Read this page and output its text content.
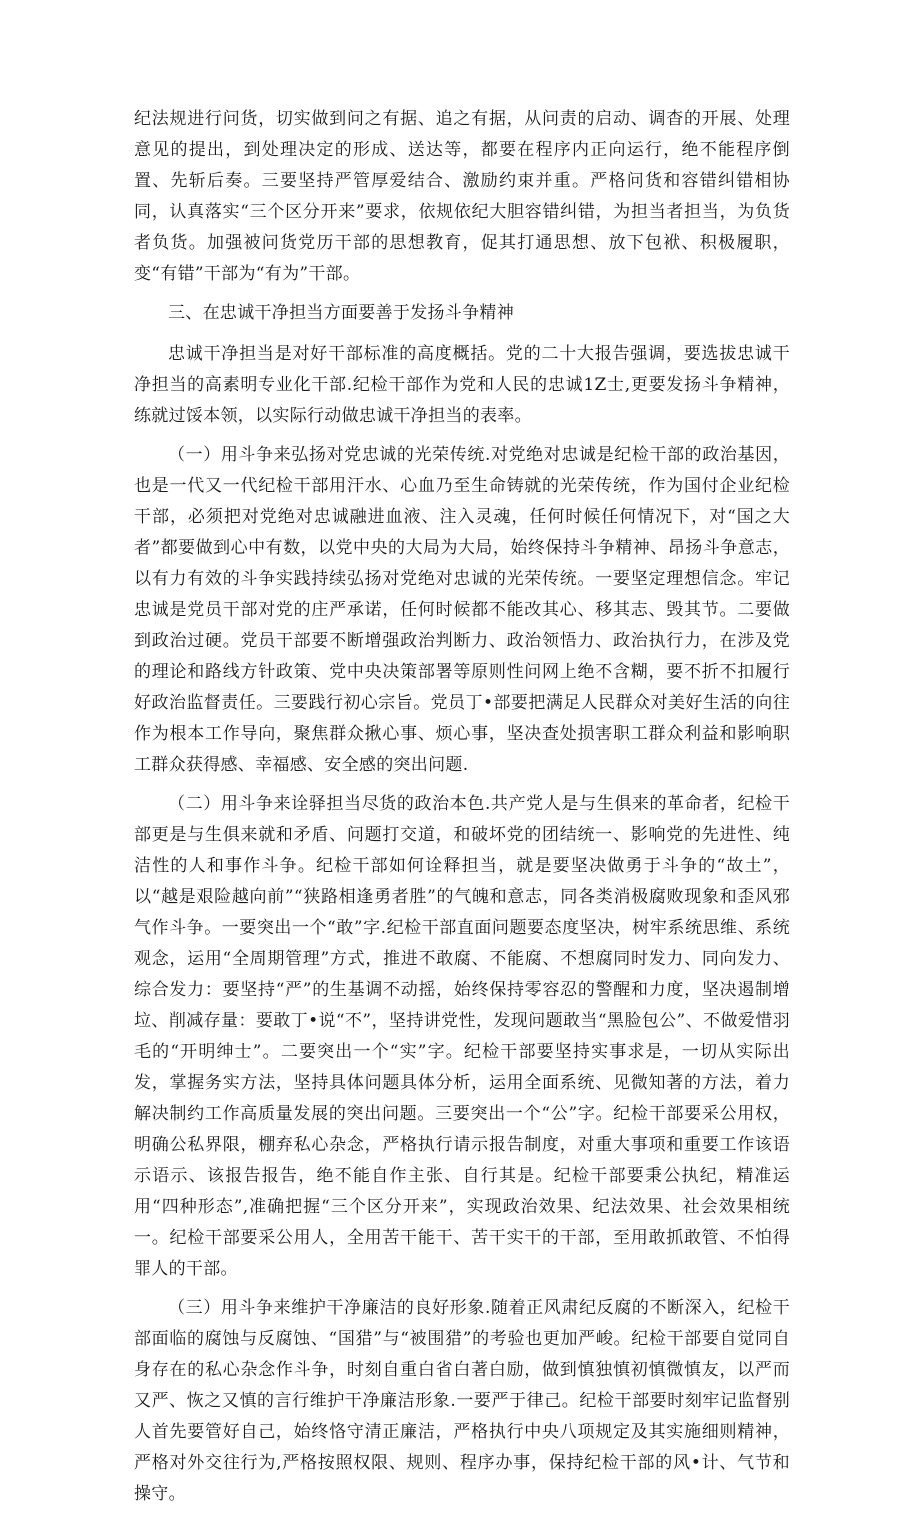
纪法规进行问货，切实做到问之有据、追之有据，从问责的启动、调杳的开展、处理意见的提出，到处理决定的形成、送达等，都要在程序内正向运行，绝不能程序倒置、先斩后奏。三要坚持严管厚爱结合、激励约束并重。严格问货和容错纠错相协同，认真落实“三个区分开来”要求，依规依纪大胆容错纠错，为担当者担当，为负货者负货。加强被问货党历干部的思想教育，促其打通思想、放下包袱、积极履职，变“有错”干部为“有为”干部。

三、在忠诚干净担当方面要善于发扬斗争精神

忠诚干净担当是对好干部标准的高度概括。党的二十大报告强调，要选拔忠诚干净担当的高素明专业化干部.纪检干部作为党和人民的忠诚1Z士,更要发扬斗争精神，练就过馁本领，以实际行动做忠诚干净担当的表率。

（一）用斗争来弘扬对党忠诚的光荣传统.对党绝对忠诚是纪检干部的政治基因，也是一代又一代纪检干部用汗水、心血乃至生命铸就的光荣传统，作为国付企业纪检干部，必须把对党绝对忠诚融进血液、注入灵魂，任何时候任何情况下，对“国之大者”都要做到心中有数，以党中央的大局为大局，始终保持斗争精神、昂扬斗争意志，以有力有效的斗争实践持续弘扬对党绝对忠诚的光荣传统。一要坚定理想信念。牢记忠诚是党员干部对党的庄严承诺，任何时候都不能改其心、移其志、毁其节。二要做到政治过硬。党员干部要不断增强政治判断力、政治领悟力、政治执行力，在涉及党的理论和路线方针政策、党中央决策部署等原则性问网上绝不含糊，要不折不扣履行好政治监督责任。三要践行初心宗旨。党员丁•部要把满足人民群众对美好生活的向往作为根本工作导向，聚焦群众揪心事、烦心事，坚决查处损害职工群众利益和影响职工群众获得感、幸福感、安全感的突出问题.

（二）用斗争来诠驿担当尽货的政治本色.共产党人是与生俱来的革命者，纪检干部更是与生俱来就和矛盾、问题打交道，和破坏党的团结统一、影响党的先进性、纯洁性的人和事作斗争。纪检干部如何诠释担当，就是要坚决做勇于斗争的“故土”，以“越是艰险越向前”“狭路相逢勇者胜”的气魄和意志，同各类消极腐败现象和歪风邪气作斗争。一要突出一个“敢”字.纪检干部直面问题要态度坚决，树牢系统思维、系统观念，运用“全周期管理”方式，推进不敢腐、不能腐、不想腐同时发力、同向发力、综合发力：要坚持“严”的生基调不动摇，始终保持零容忍的警醒和力度，坚决遏制增垃、削减存量：要敢丁•说“不”，坚持讲党性，发现问题敢当“黑脸包公”、不做爱惜羽毛的“开明绅士”。二要突出一个“实”字。纪检干部要坚持实事求是，一切从实际出发，掌握务实方法，坚持具体问题具体分析，运用全面系统、见微知著的方法，着力解决制约工作高质量发展的突出问题。三要突出一个“公”字。纪检干部要采公用权，明确公私界限，棚弃私心杂念，严格执行请示报告制度，对重大事项和重要工作该语示语示、该报告报告，绝不能自作主张、自行其是。纪检干部要秉公执纪，精准运用“四种形态”,准确把握“三个区分开来”，实现政治效果、纪法效果、社会效果相统一。纪检干部要采公用人，全用苦干能干、苦干实干的干部，至用敢抓敢管、不怕得罪人的干部。

（三）用斗争来维护干净廉洁的良好形象.随着正风肃纪反腐的不断深入，纪检干部面临的腐蚀与反腐蚀、“国猎”与“被围猎”的考验也更加严峻。纪检干部要自觉同自身存在的私心杂念作斗争，时刻自重白省白著白励，做到慎独慎初慎微慎友，以严而又严、恢之又慎的言行维护干净廉洁形象.一要严于律己。纪检干部要时刻牢记监督别人首先要管好自己，始终恪守清正廉洁，严格执行中央八项规定及其实施细则精神，严格对外交往行为,严格按照权限、规则、程序办事，保持纪检干部的风•计、气节和操守。
